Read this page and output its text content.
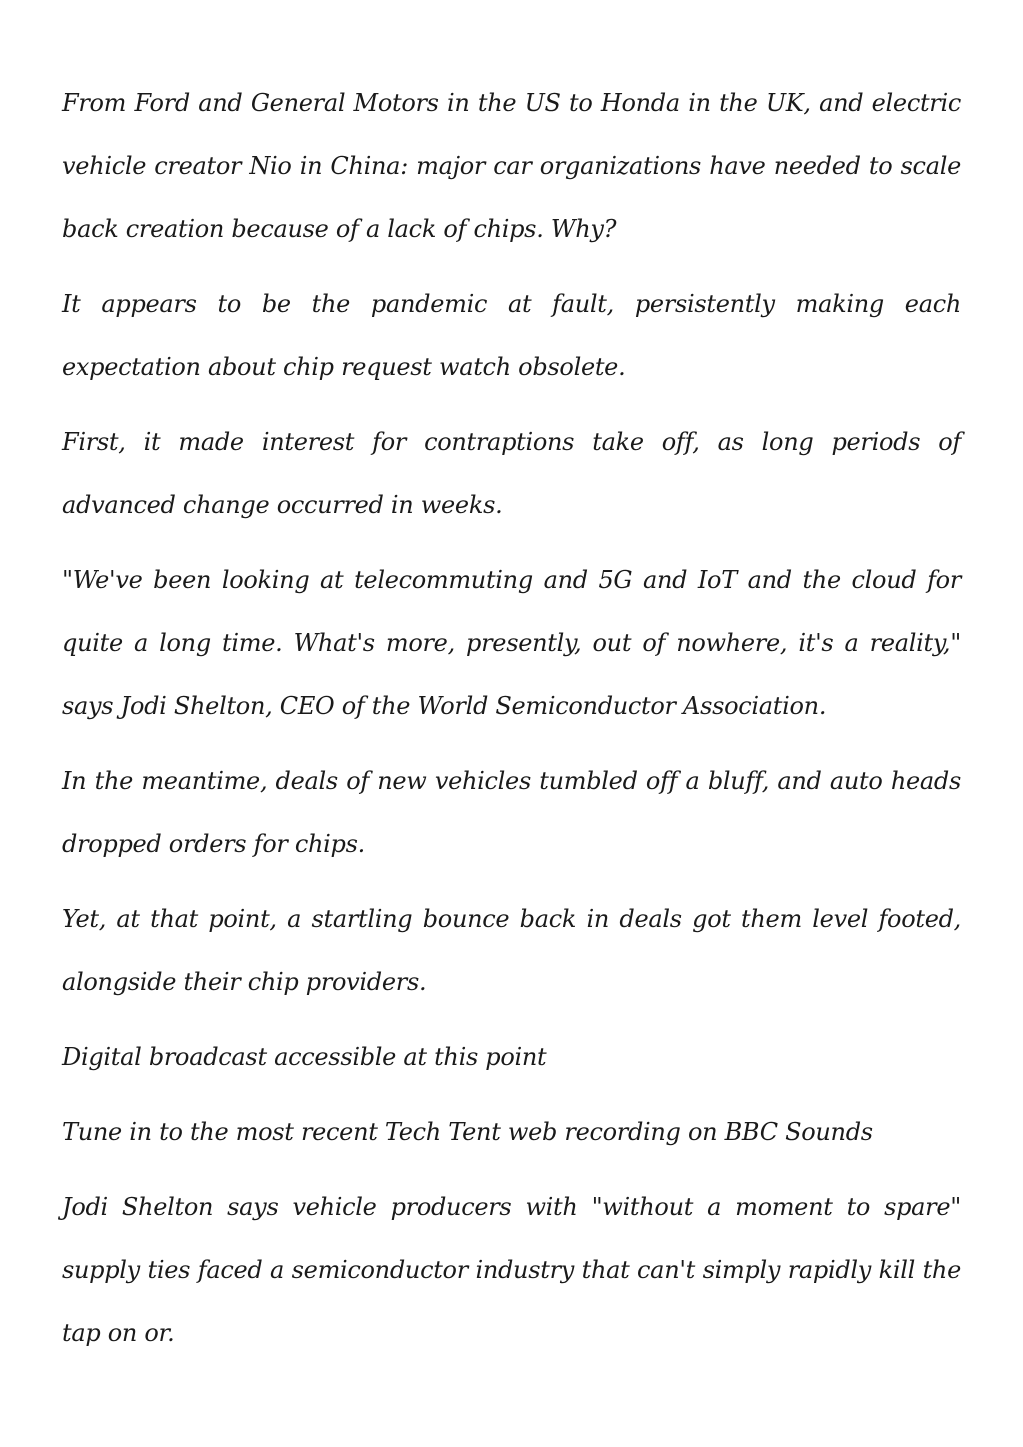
From Ford and General Motors in the US to Honda in the UK, and electric vehicle creator Nio in China: major car organizations have needed to scale back creation because of a lack of chips. Why?

It appears to be the pandemic at fault, persistently making each expectation about chip request watch obsolete.

First, it made interest for contraptions take off, as long periods of advanced change occurred in weeks.

"We've been looking at telecommuting and 5G and IoT and the cloud for quite a long time. What's more, presently, out of nowhere, it's a reality," says Jodi Shelton, CEO of the World Semiconductor Association.

In the meantime, deals of new vehicles tumbled off a bluff, and auto heads dropped orders for chips.

Yet, at that point, a startling bounce back in deals got them level footed, alongside their chip providers.

Digital broadcast accessible at this point

Tune in to the most recent Tech Tent web recording on BBC Sounds

Jodi Shelton says vehicle producers with "without a moment to spare" supply ties faced a semiconductor industry that can't simply rapidly kill the tap on or.
